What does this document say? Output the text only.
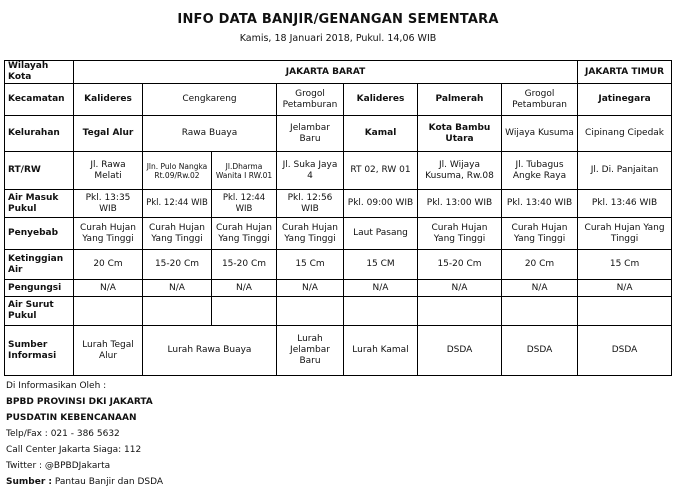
INFO DATA BANJIR/GENANGAN SEMENTARA
Kamis, 18 Januari 2018, Pukul. 14,06 WIB
Wilayah Kota	JAKARTA BARAT							JAKARTA TIMUR
Kecamatan	Kalideres	Cengkareng		Grogol Petamburan	Kalideres	Palmerah	Grogol Petamburan	Jatinegara
Kelurahan	Tegal Alur	Rawa Buaya		Jelambar Baru	Kamal	Kota Bambu Utara	Wijaya Kusuma	Cipinang Cipedak
RT/RW	Jl. Rawa Melati	Jln. Pulo Nangka Rt.09/Rw.02	Jl.Dharma Wanita I RW.01	Jl. Suka Jaya 4	RT 02, RW 01	Jl. Wijaya Kusuma, Rw.08	Jl. Tubagus Angke Raya	Jl. Di. Panjaitan
Air Masuk Pukul	Pkl. 13:35 WIB	Pkl. 12:44 WIB	Pkl. 12:44 WIB	Pkl. 12:56 WIB	Pkl. 09:00 WIB	Pkl. 13:00 WIB	Pkl. 13:40 WIB	Pkl. 13:46 WIB
Penyebab	Curah Hujan Yang Tinggi	Curah Hujan Yang Tinggi	Curah Hujan Yang Tinggi	Curah Hujan Yang Tinggi	Laut Pasang	Curah Hujan Yang Tinggi	Curah Hujan Yang Tinggi	Curah Hujan Yang Tinggi
Ketinggian Air	20 Cm	15-20 Cm	15-20 Cm	15 Cm	15 CM	15-20 Cm	20 Cm	15 Cm
Pengungsi	N/A	N/A	N/A	N/A	N/A	N/A	N/A	N/A
Air Surut Pukul								
Sumber Informasi	Lurah Tegal Alur	Lurah Rawa Buaya		Lurah Jelambar Baru	Lurah Kamal	DSDA	DSDA	DSDA
Di Informasikan Oleh :
BPBD PROVINSI DKI JAKARTA
PUSDATIN KEBENCANAAN
Telp/Fax : 021 - 386 5632
Call Center Jakarta Siaga: 112
Twitter : @BPBDJakarta
Sumber : Pantau Banjir dan DSDA
